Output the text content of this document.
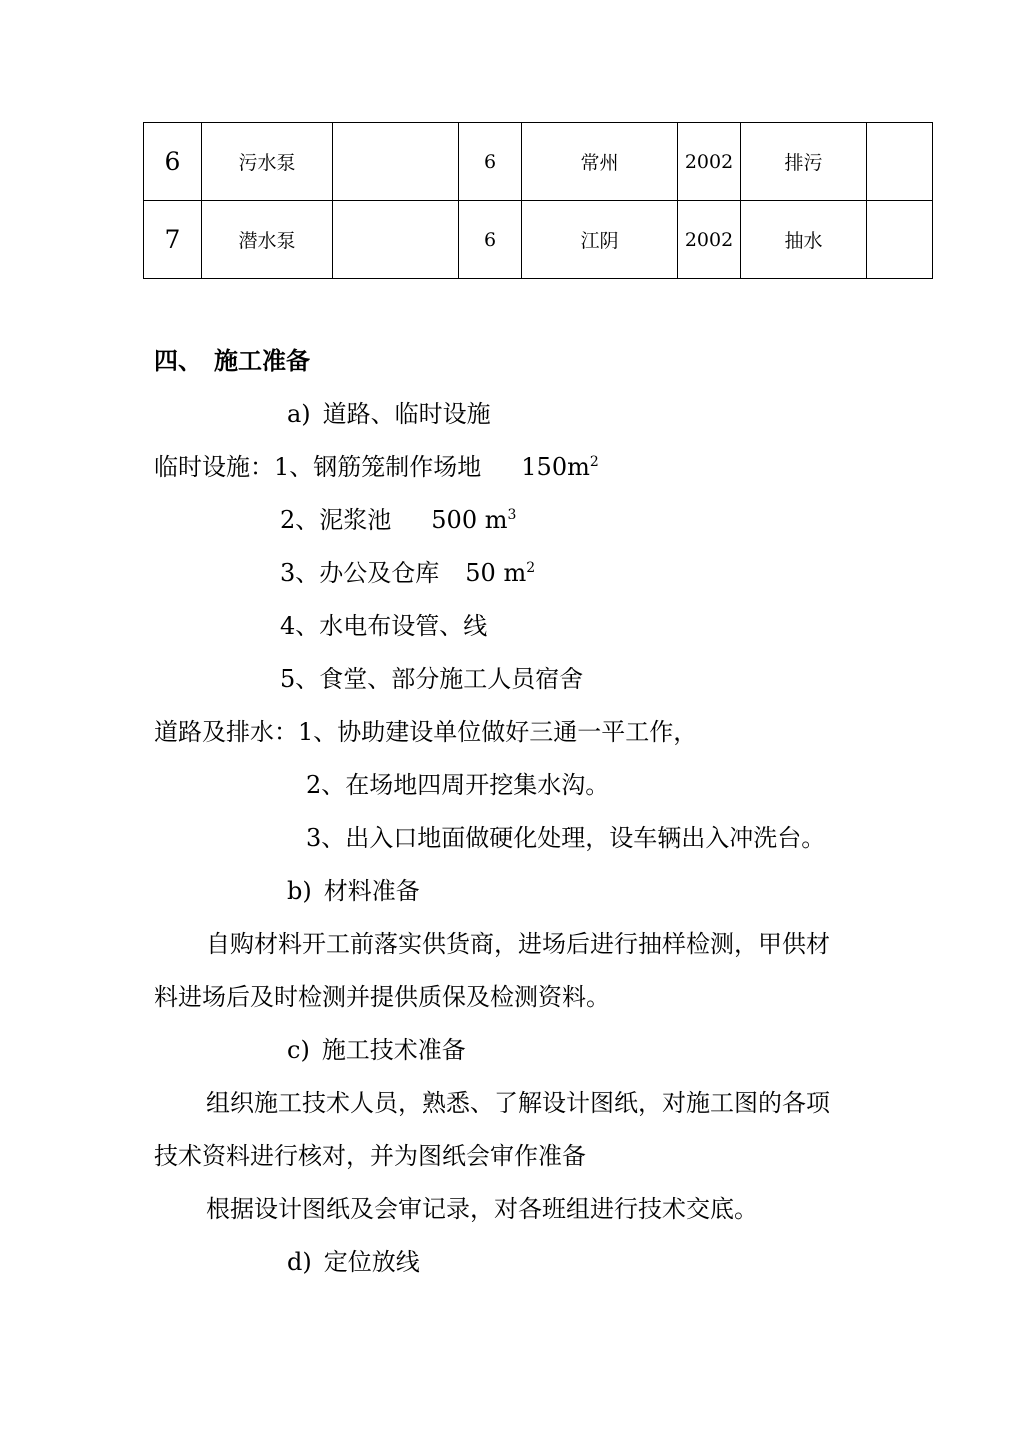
6	污水泵		6	常州	2002	排污	
7	潜水泵		6	江阴	2002	抽水	
四、 施工准备
a) 道路、临时设施
临时设施：1、钢筋笼制作场地 $150m^2$
2、泥浆池 500 $m^3$
3、办公及仓库 50 $m^2$
4、水电布设管、线
5、食堂、部分施工人员宿舍
道路及排水：1、协助建设单位做好三通一平工作，
2、在场地四周开挖集水沟。
3、出入口地面做硬化处理，设车辆出入冲洗台。
b) 材料准备
自购材料开工前落实供货商，进场后进行抽样检测，甲供材
料进场后及时检测并提供质保及检测资料。
c) 施工技术准备
组织施工技术人员，熟悉、了解设计图纸，对施工图的各项
技术资料进行核对，并为图纸会审作准备
根据设计图纸及会审记录，对各班组进行技术交底。
d) 定位放线
